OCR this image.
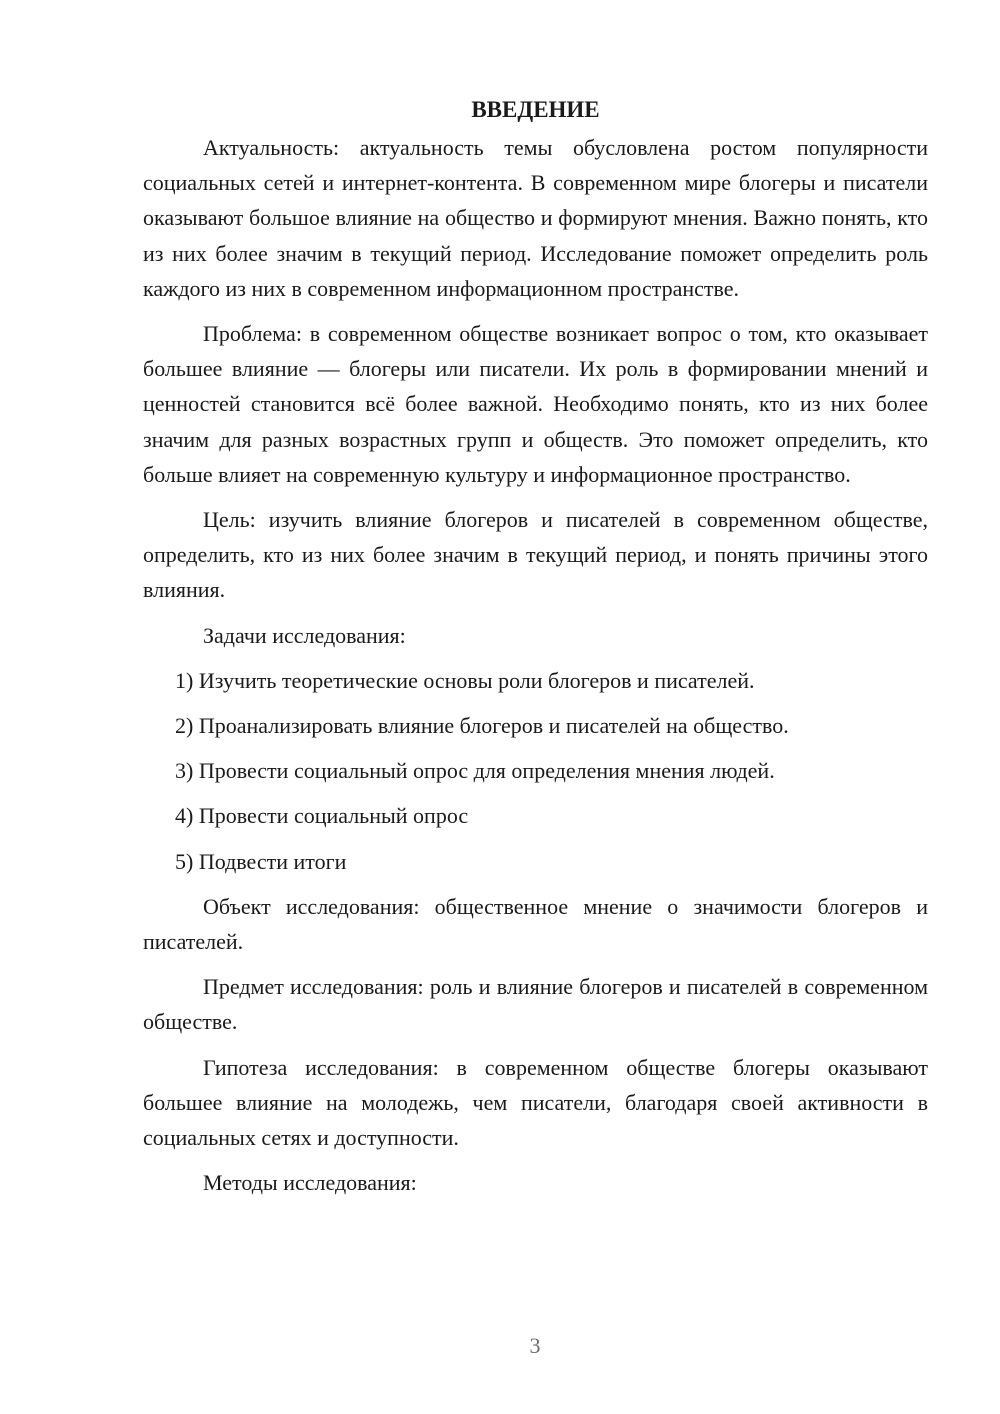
ВВЕДЕНИЕ

Актуальность: актуальность темы обусловлена ростом популярности социальных сетей и интернет-контента. В современном мире блогеры и писатели оказывают большое влияние на общество и формируют мнения. Важно понять, кто из них более значим в текущий период. Исследование поможет определить роль каждого из них в современном информационном пространстве.

Проблема: в современном обществе возникает вопрос о том, кто оказывает большее влияние — блогеры или писатели. Их роль в формировании мнений и ценностей становится всё более важной. Необходимо понять, кто из них более значим для разных возрастных групп и обществ. Это поможет определить, кто больше влияет на современную культуру и информационное пространство.

Цель: изучить влияние блогеров и писателей в современном обществе, определить, кто из них более значим в текущий период, и понять причины этого влияния.

Задачи исследования:

1) Изучить теоретические основы роли блогеров и писателей.

2) Проанализировать влияние блогеров и писателей на общество.

3) Провести социальный опрос для определения мнения людей.

4) Провести социальный опрос

5) Подвести итоги

Объект исследования: общественное мнение о значимости блогеров и писателей.

Предмет исследования: роль и влияние блогеров и писателей в современном обществе.

Гипотеза исследования: в современном обществе блогеры оказывают большее влияние на молодежь, чем писатели, благодаря своей активности в социальных сетях и доступности.

Методы исследования:

3
